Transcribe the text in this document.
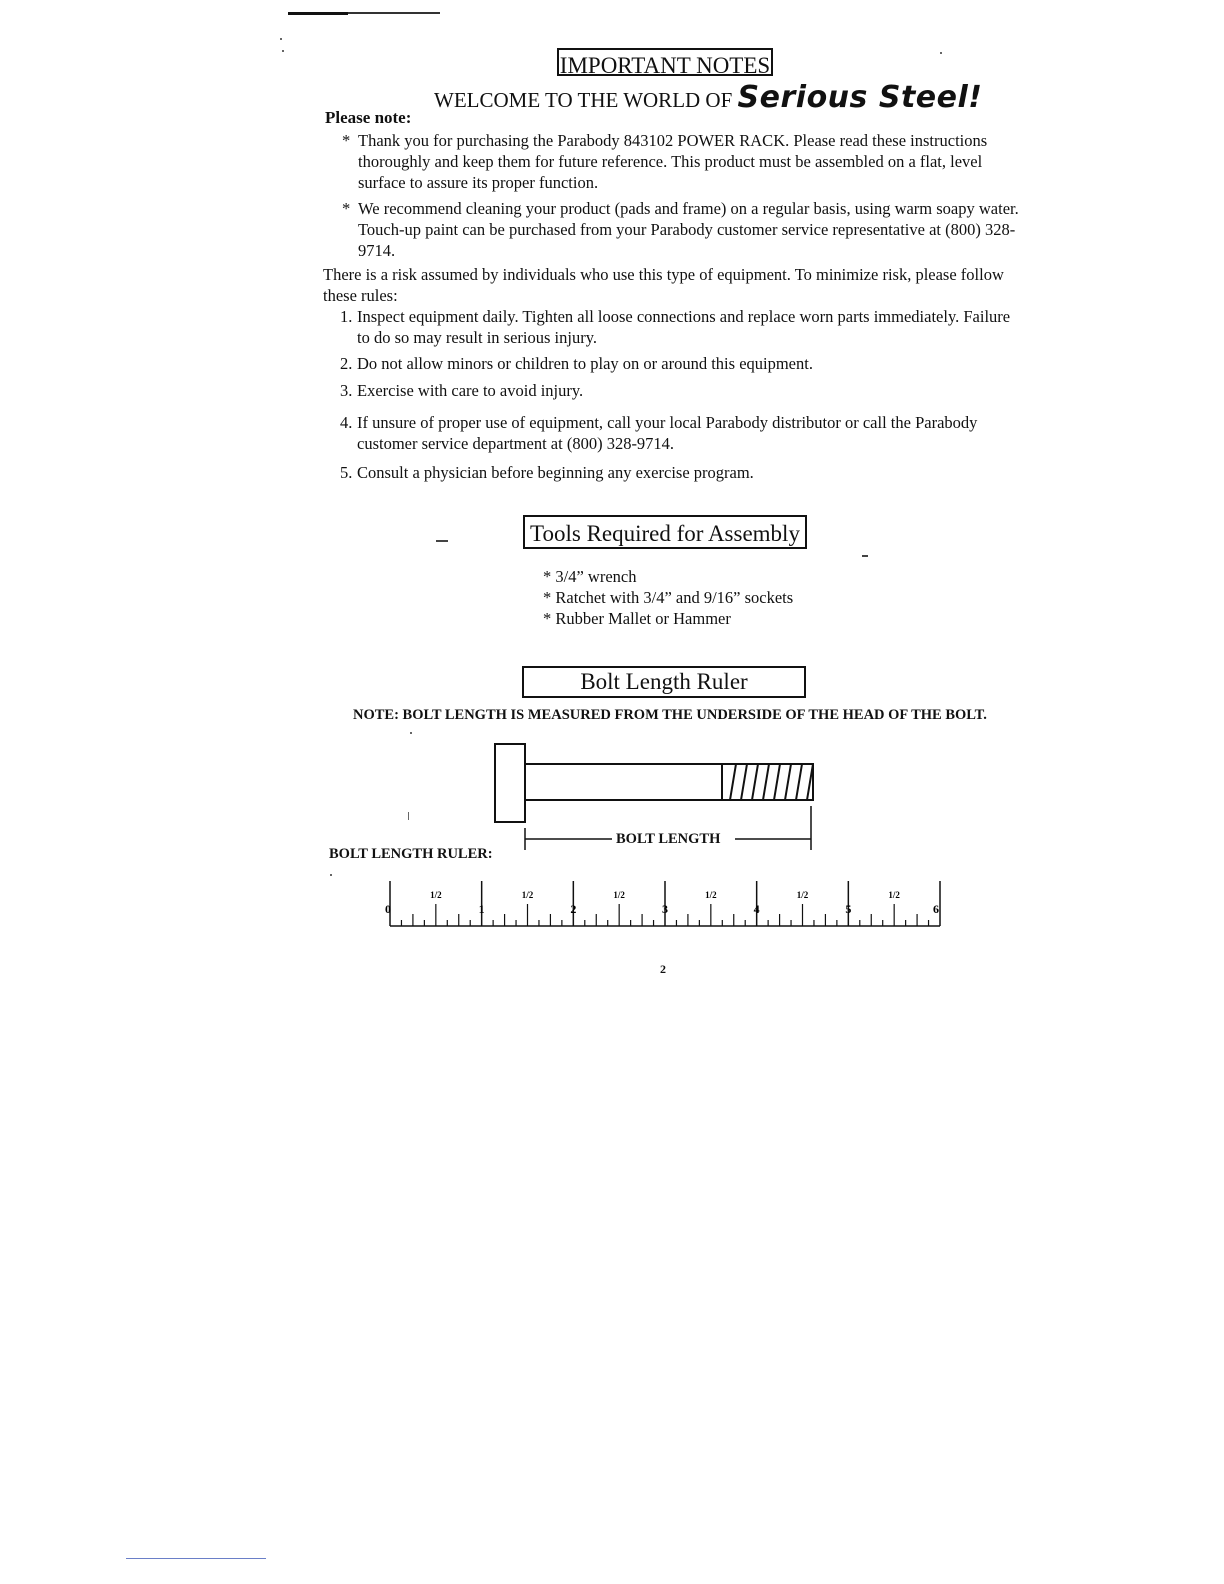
IMPORTANT NOTES
WELCOME TO THE WORLD OF Serious Steel!
Please note:
* Thank you for purchasing the Parabody 843102 POWER RACK. Please read these instructions thoroughly and keep them for future reference. This product must be assembled on a flat, level surface to assure its proper function.
* We recommend cleaning your product (pads and frame) on a regular basis, using warm soapy water. Touch-up paint can be purchased from your Parabody customer service representative at (800) 328-9714.
There is a risk assumed by individuals who use this type of equipment. To minimize risk, please follow these rules:
1. Inspect equipment daily. Tighten all loose connections and replace worn parts immediately. Failure to do so may result in serious injury.
2. Do not allow minors or children to play on or around this equipment.
3. Exercise with care to avoid injury.
4. If unsure of proper use of equipment, call your local Parabody distributor or call the Parabody customer service department at (800) 328-9714.
5. Consult a physician before beginning any exercise program.
Tools Required for Assembly
* 3/4” wrench
* Ratchet with 3/4” and 9/16” sockets
* Rubber Mallet or Hammer
Bolt Length Ruler
NOTE: BOLT LENGTH IS MEASURED FROM THE UNDERSIDE OF THE HEAD OF THE BOLT.
BOLT LENGTH
BOLT LENGTH RULER:
0
1/2
1
1/2
2
1/2
3
1/2
4
1/2
5
1/2
6
2
